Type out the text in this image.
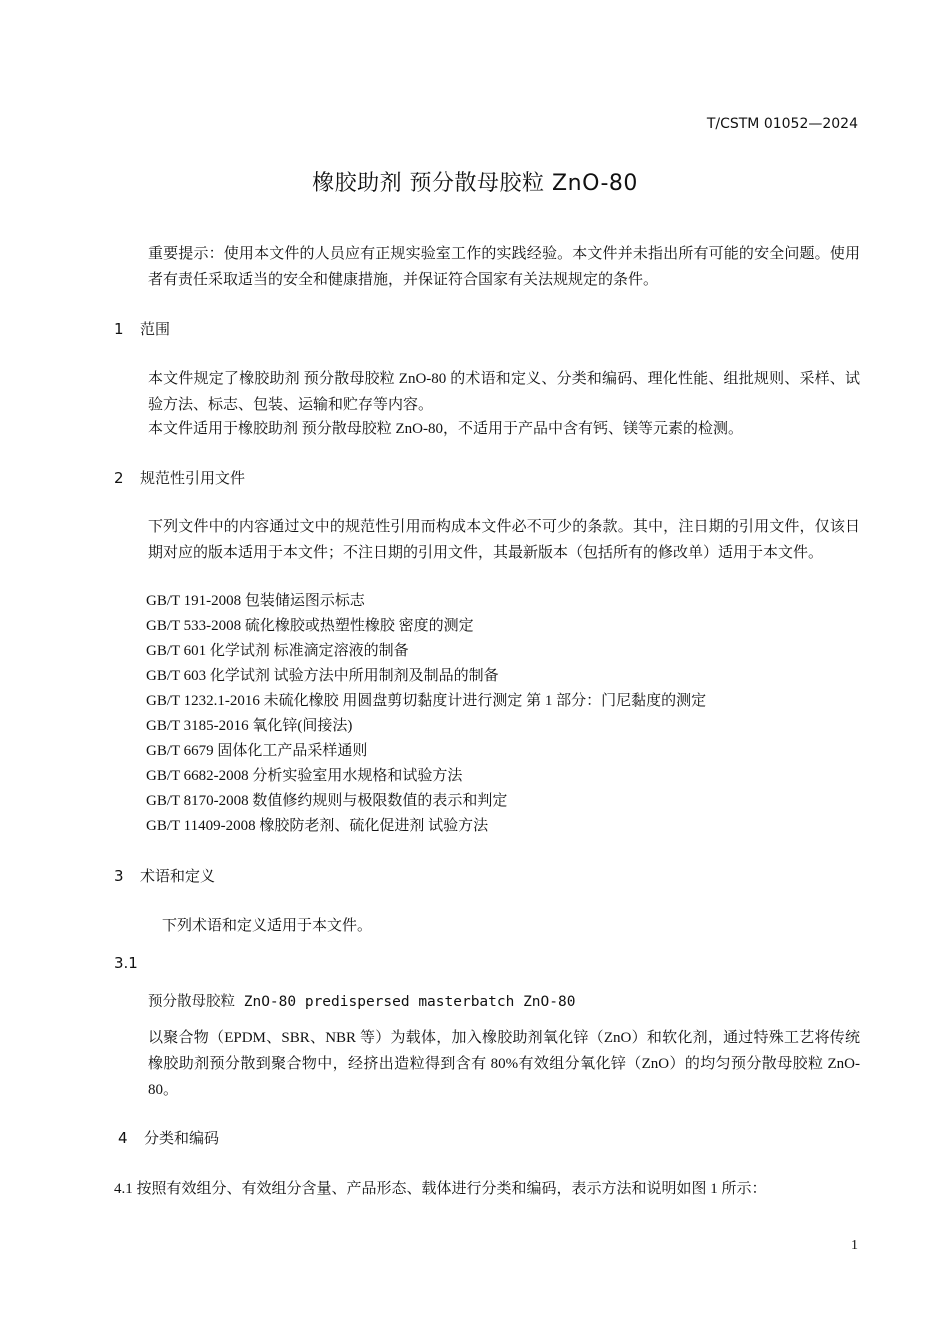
T/CSTM 01052—2024
橡胶助剂 预分散母胶粒 ZnO-80
重要提示：使用本文件的人员应有正规实验室工作的实践经验。本文件并未指出所有可能的安全问题。使用者有责任采取适当的安全和健康措施，并保证符合国家有关法规规定的条件。
1 范围
本文件规定了橡胶助剂 预分散母胶粒 ZnO-80 的术语和定义、分类和编码、理化性能、组批规则、采样、试验方法、标志、包装、运输和贮存等内容。
本文件适用于橡胶助剂 预分散母胶粒 ZnO-80，不适用于产品中含有钙、镁等元素的检测。
2 规范性引用文件
下列文件中的内容通过文中的规范性引用而构成本文件必不可少的条款。其中，注日期的引用文件，仅该日期对应的版本适用于本文件；不注日期的引用文件，其最新版本（包括所有的修改单）适用于本文件。
GB/T 191-2008 包装储运图示标志
GB/T 533-2008 硫化橡胶或热塑性橡胶 密度的测定
GB/T 601 化学试剂 标准滴定溶液的制备
GB/T 603 化学试剂 试验方法中所用制剂及制品的制备
GB/T 1232.1-2016 未硫化橡胶 用圆盘剪切黏度计进行测定 第 1 部分：门尼黏度的测定
GB/T 3185-2016 氧化锌(间接法)
GB/T 6679 固体化工产品采样通则
GB/T 6682-2008 分析实验室用水规格和试验方法
GB/T 8170-2008 数值修约规则与极限数值的表示和判定
GB/T 11409-2008 橡胶防老剂、硫化促进剂 试验方法
3 术语和定义
下列术语和定义适用于本文件。
3.1
预分散母胶粒 ZnO-80 predispersed masterbatch ZnO-80
以聚合物（EPDM、SBR、NBR 等）为载体，加入橡胶助剂氧化锌（ZnO）和软化剂，通过特殊工艺将传统橡胶助剂预分散到聚合物中，经挤出造粒得到含有 80%有效组分氧化锌（ZnO）的均匀预分散母胶粒 ZnO-80。
4 分类和编码
4.1 按照有效组分、有效组分含量、产品形态、载体进行分类和编码，表示方法和说明如图 1 所示：
1
